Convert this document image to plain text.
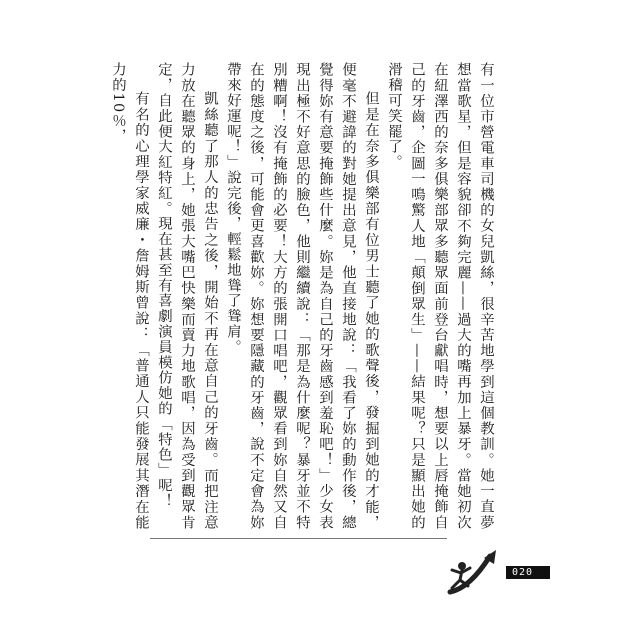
有一位市營電車司機的女兒凱絲，很辛苦地學到這個教訓。她一直夢想當歌星，但是容貌卻不夠完麗——過大的嘴再加上暴牙。當她初次在紐澤西的奈多俱樂部眾多聽眾面前登台獻唱時，想要以上唇掩飾自己的牙齒，企圖一鳴驚人地「顛倒眾生」——結果呢？只是顯出她的滑稽可笑罷了。

但是在奈多俱樂部有位男士聽了她的歌聲後，發掘到她的才能，便毫不避諱的對她提出意見，他直接地說：「我看了妳的動作後，總覺得妳有意要掩飾些什麼。妳是為自己的牙齒感到羞恥吧！」少女表現出極不好意思的臉色，他則繼續說：「那是為什麼呢？暴牙並不特別糟啊！沒有掩飾的必要！大方的張開口唱吧，觀眾看到妳自然又自在的態度之後，可能會更喜歡妳。妳想要隱藏的牙齒，說不定會為妳帶來好運呢！」說完後，輕鬆地聳了聳肩。

凱絲聽了那人的忠告之後，開始不再在意自己的牙齒。而把注意力放在聽眾的身上，她張大嘴巴快樂而賣力地歌唱，因為受到觀眾肯定，自此便大紅特紅。現在甚至有喜劇演員模仿她的「特色」呢！

有名的心理學家威廉・詹姆斯曾說：「普通人只能發展其潛在能力的10％，

020
